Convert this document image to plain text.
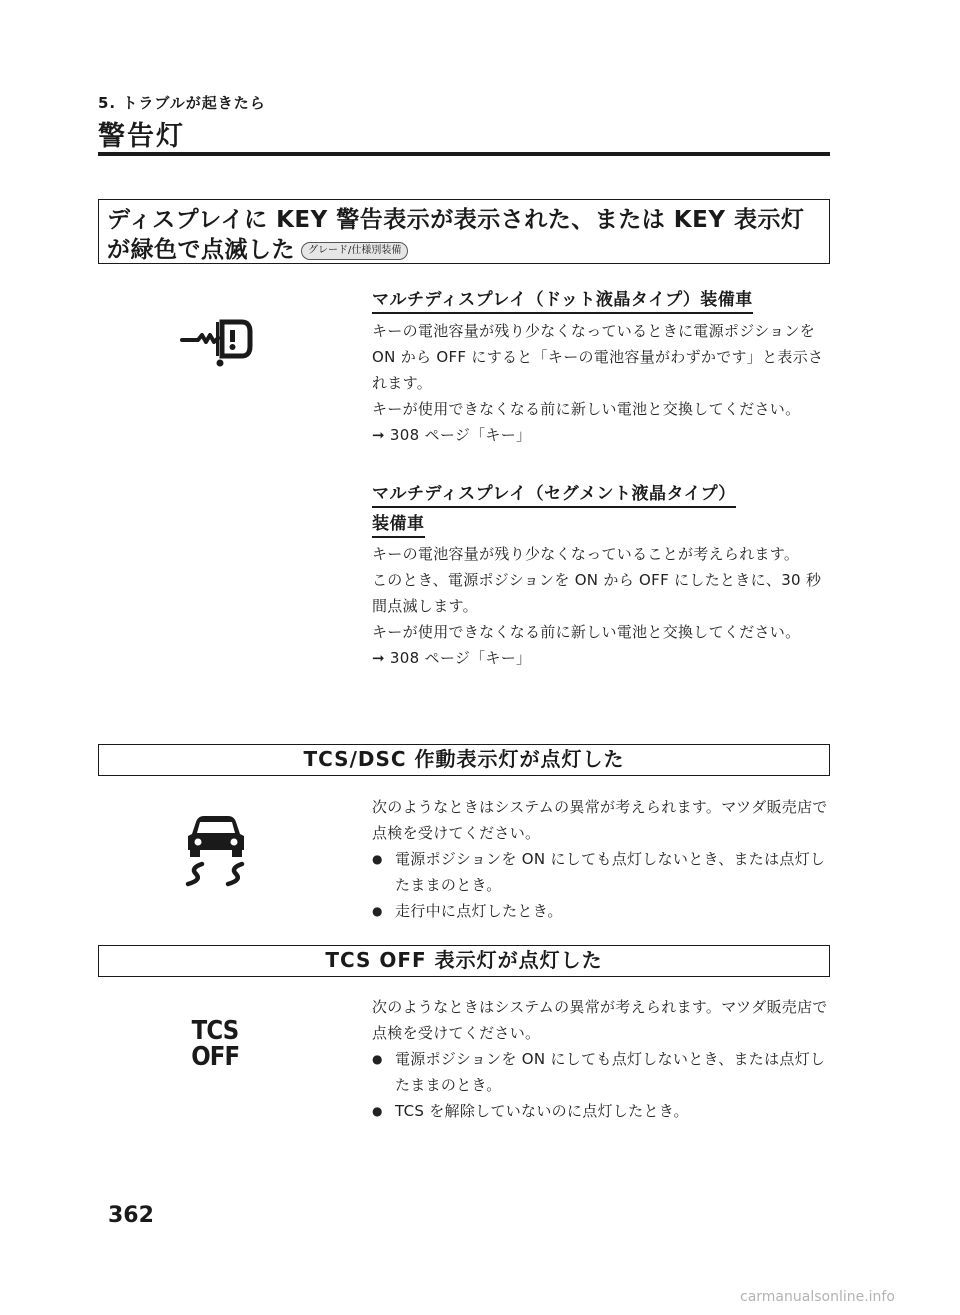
5. トラブルが起きたら
警告灯
ディスプレイに KEY 警告表示が表示された、または KEY 表示灯
が緑色で点滅した グレード/仕様別装備
マルチディスプレイ（ドット液晶タイプ）装備車

キーの電池容量が残り少なくなっているときに電源ポジションを ON から OFF にすると「キーの電池容量がわずかです」と表示されます。

キーが使用できなくなる前に新しい電池と交換してください。

➞ 308 ページ「キー」

マルチディスプレイ（セグメント液晶タイプ）
装備車

キーの電池容量が残り少なくなっていることが考えられます。

このとき、電源ポジションを ON から OFF にしたときに、30 秒間点滅します。

キーが使用できなくなる前に新しい電池と交換してください。

➞ 308 ページ「キー」

TCS/DSC 作動表示灯が点灯した

次のようなときはシステムの異常が考えられます。マツダ販売店で点検を受けてください。

● 電源ポジションを ON にしても点灯しないとき、または点灯したままのとき。

● 走行中に点灯したとき。

TCS OFF 表示灯が点灯した
TCS
OFF

次のようなときはシステムの異常が考えられます。マツダ販売店で点検を受けてください。

● 電源ポジションを ON にしても点灯しないとき、または点灯したままのとき。

● TCS を解除していないのに点灯したとき。

362
carmanualsonline.info
